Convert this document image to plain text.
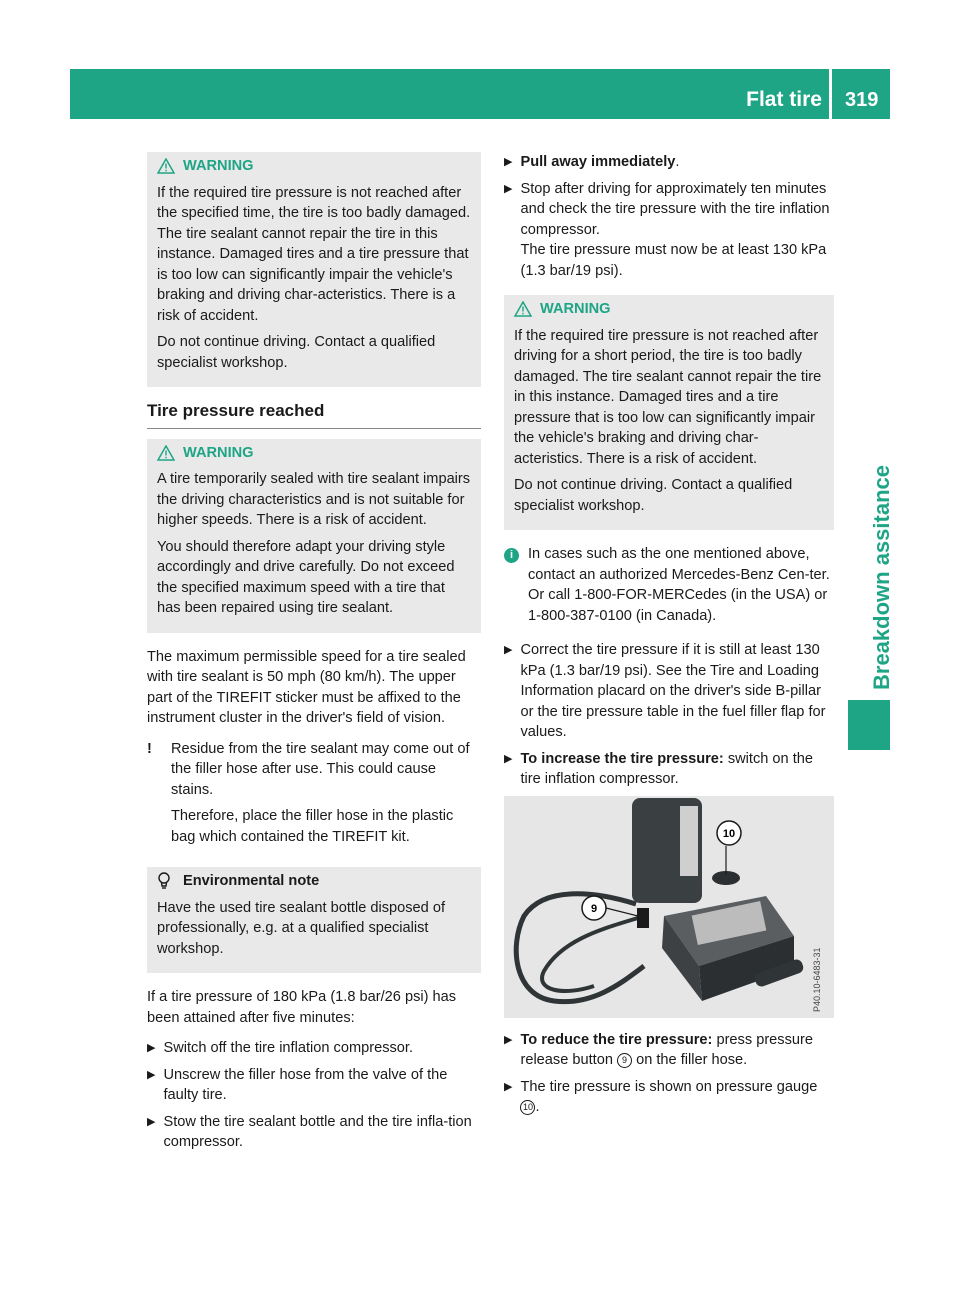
Flat tire 319
Breakdown assitance
WARNING

If the required tire pressure is not reached after the specified time, the tire is too badly damaged. The tire sealant cannot repair the tire in this instance. Damaged tires and a tire pressure that is too low can significantly impair the vehicle's braking and driving char-acteristics. There is a risk of accident.

Do not continue driving. Contact a qualified specialist workshop.

Tire pressure reached
WARNING

A tire temporarily sealed with tire sealant impairs the driving characteristics and is not suitable for higher speeds. There is a risk of accident.

You should therefore adapt your driving style accordingly and drive carefully. Do not exceed the specified maximum speed with a tire that has been repaired using tire sealant.

The maximum permissible speed for a tire sealed with tire sealant is 50 mph (80 km/h). The upper part of the TIREFIT sticker must be affixed to the instrument cluster in the driver's field of vision.

!	Residue from the tire sealant may come out of the filler hose after use. This could cause stains.

Therefore, place the filler hose in the plastic bag which contained the TIREFIT kit.

Environmental note

Have the used tire sealant bottle disposed of professionally, e.g. at a qualified specialist workshop.

If a tire pressure of 180 kPa (1.8 bar/26 psi) has been attained after five minutes:

▶ Switch off the tire inflation compressor.
▶ Unscrew the filler hose from the valve of the faulty tire.
▶ Stow the tire sealant bottle and the tire infla-tion compressor.
▶ Pull away immediately.
▶ Stop after driving for approximately ten minutes and check the tire pressure with the tire inflation compressor.
The tire pressure must now be at least 130 kPa (1.3 bar/19 psi).
WARNING

If the required tire pressure is not reached after driving for a short period, the tire is too badly damaged. The tire sealant cannot repair the tire in this instance. Damaged tires and a tire pressure that is too low can significantly impair the vehicle's braking and driving char-acteristics. There is a risk of accident.

Do not continue driving. Contact a qualified specialist workshop.

i	In cases such as the one mentioned above, contact an authorized Mercedes-Benz Cen-ter. Or call 1-800-FOR-MERCedes (in the USA) or 1-800-387-0100 (in Canada).

▶ Correct the tire pressure if it is still at least 130 kPa (1.3 bar/19 psi). See the Tire and Loading Information placard on the driver's side B-pillar or the tire pressure table in the fuel filler flap for values.
▶ To increase the tire pressure: switch on the tire inflation compressor.
10
9
P40.10-6483-31
▶ To reduce the tire pressure: press pressure release button 9 on the filler hose.
▶ The tire pressure is shown on pressure gauge 10 .
